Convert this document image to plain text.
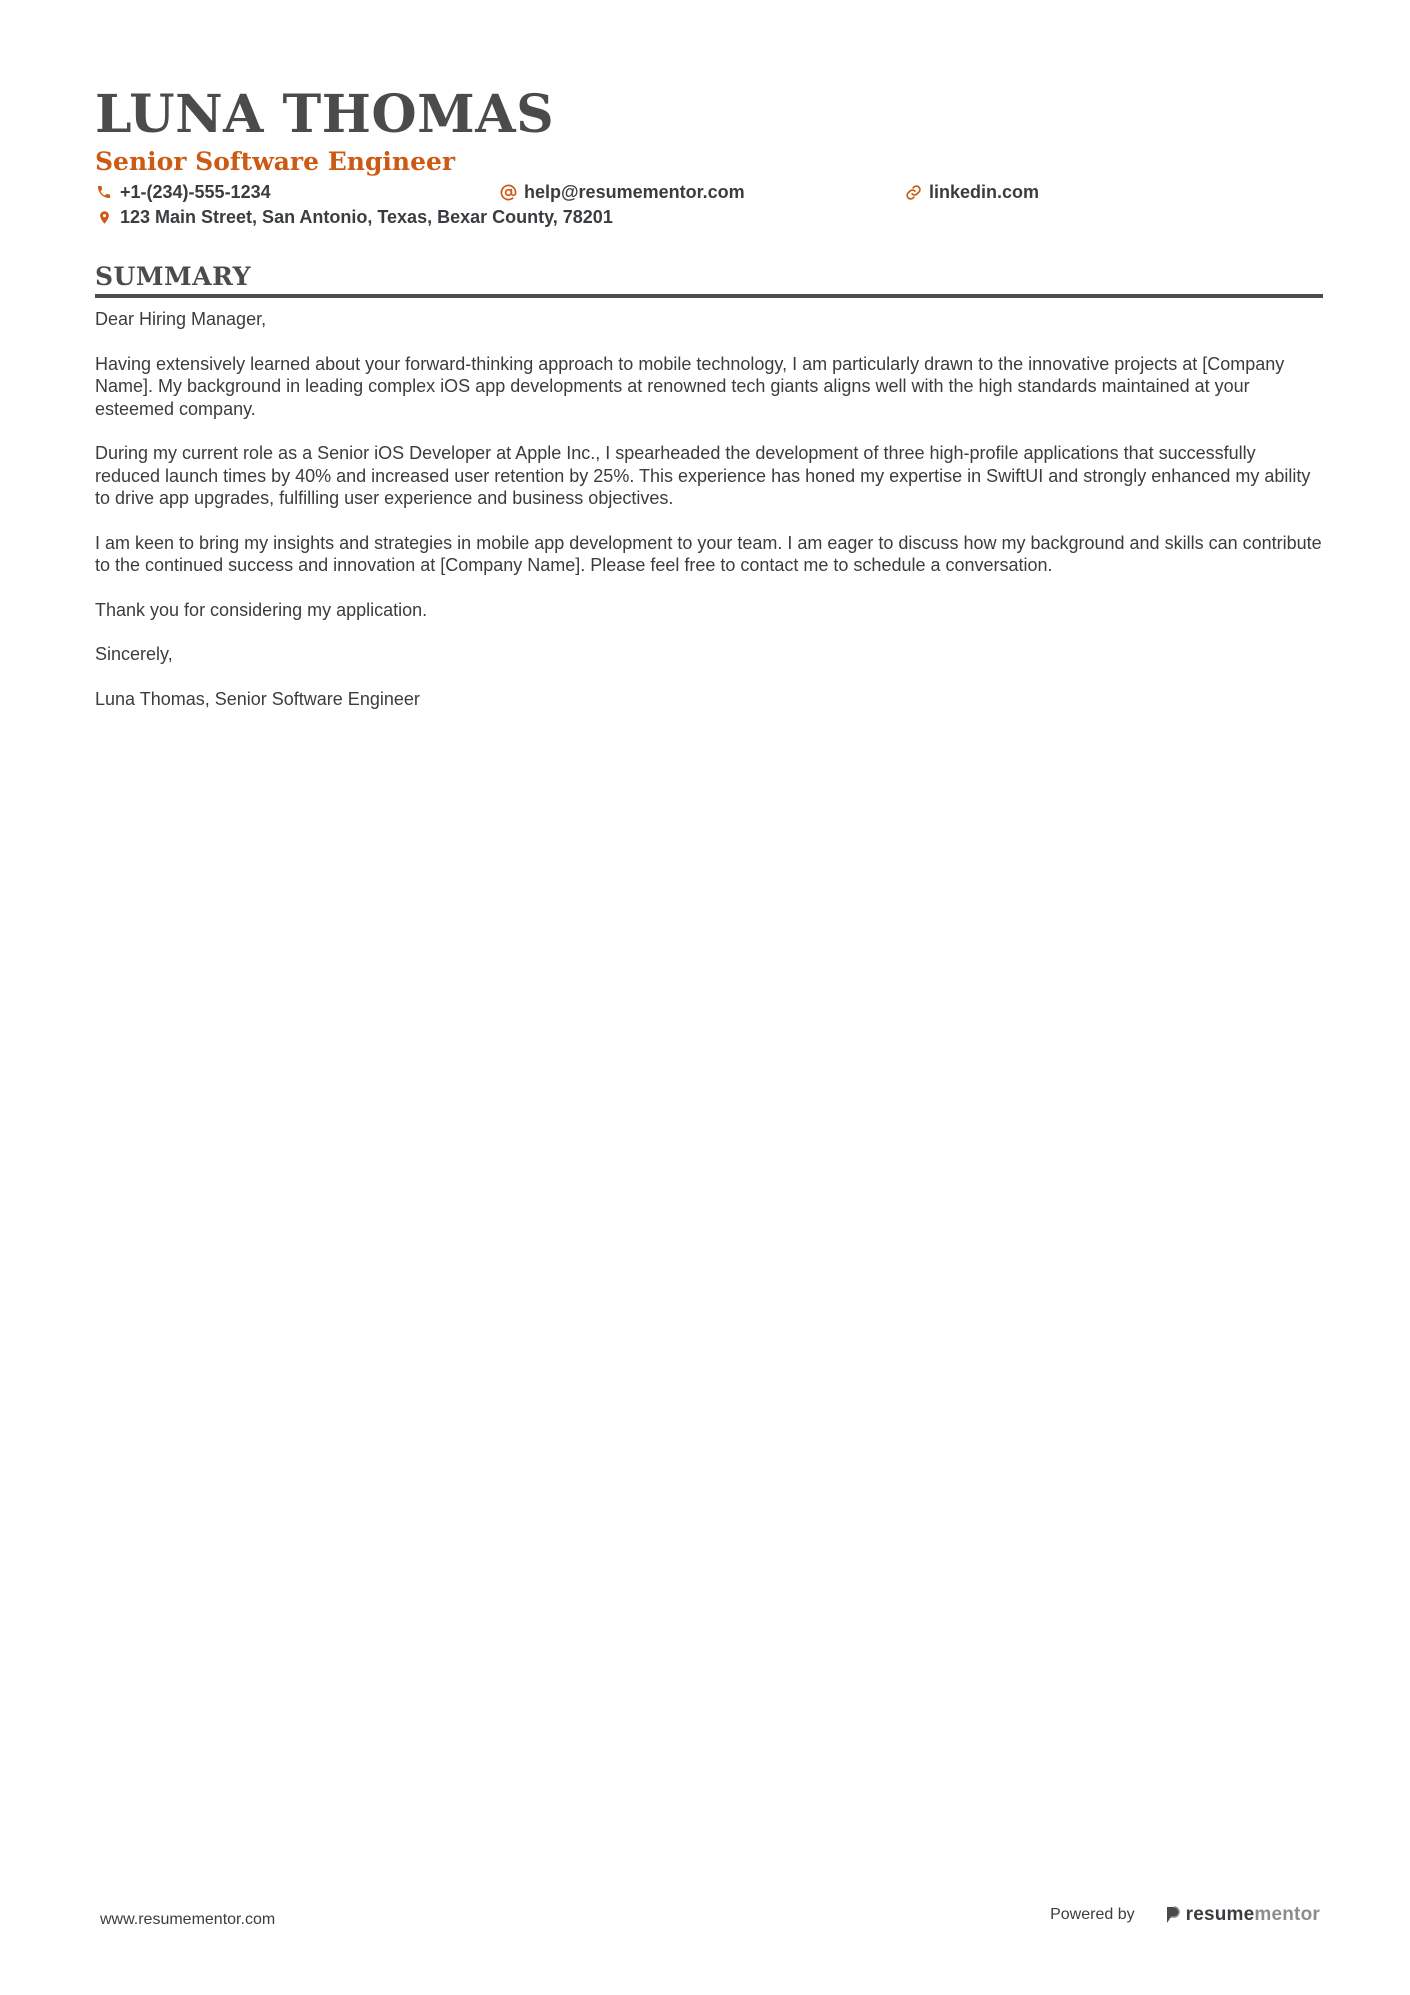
LUNA THOMAS
Senior Software Engineer
+1-(234)-555-1234	help@resumementor.com	linkedin.com
123 Main Street, San Antonio, Texas, Bexar County, 78201
SUMMARY

Dear Hiring Manager,

Having extensively learned about your forward-thinking approach to mobile technology, I am particularly drawn to the innovative projects at [Company Name]. My background in leading complex iOS app developments at renowned tech giants aligns well with the high standards maintained at your esteemed company.

During my current role as a Senior iOS Developer at Apple Inc., I spearheaded the development of three high-profile applications that successfully reduced launch times by 40% and increased user retention by 25%. This experience has honed my expertise in SwiftUI and strongly enhanced my ability to drive app upgrades, fulfilling user experience and business objectives.

I am keen to bring my insights and strategies in mobile app development to your team. I am eager to discuss how my background and skills can contribute to the continued success and innovation at [Company Name]. Please feel free to contact me to schedule a conversation.

Thank you for considering my application.

Sincerely,

Luna Thomas, Senior Software Engineer

www.resumementor.com	Powered by	resume mentor
